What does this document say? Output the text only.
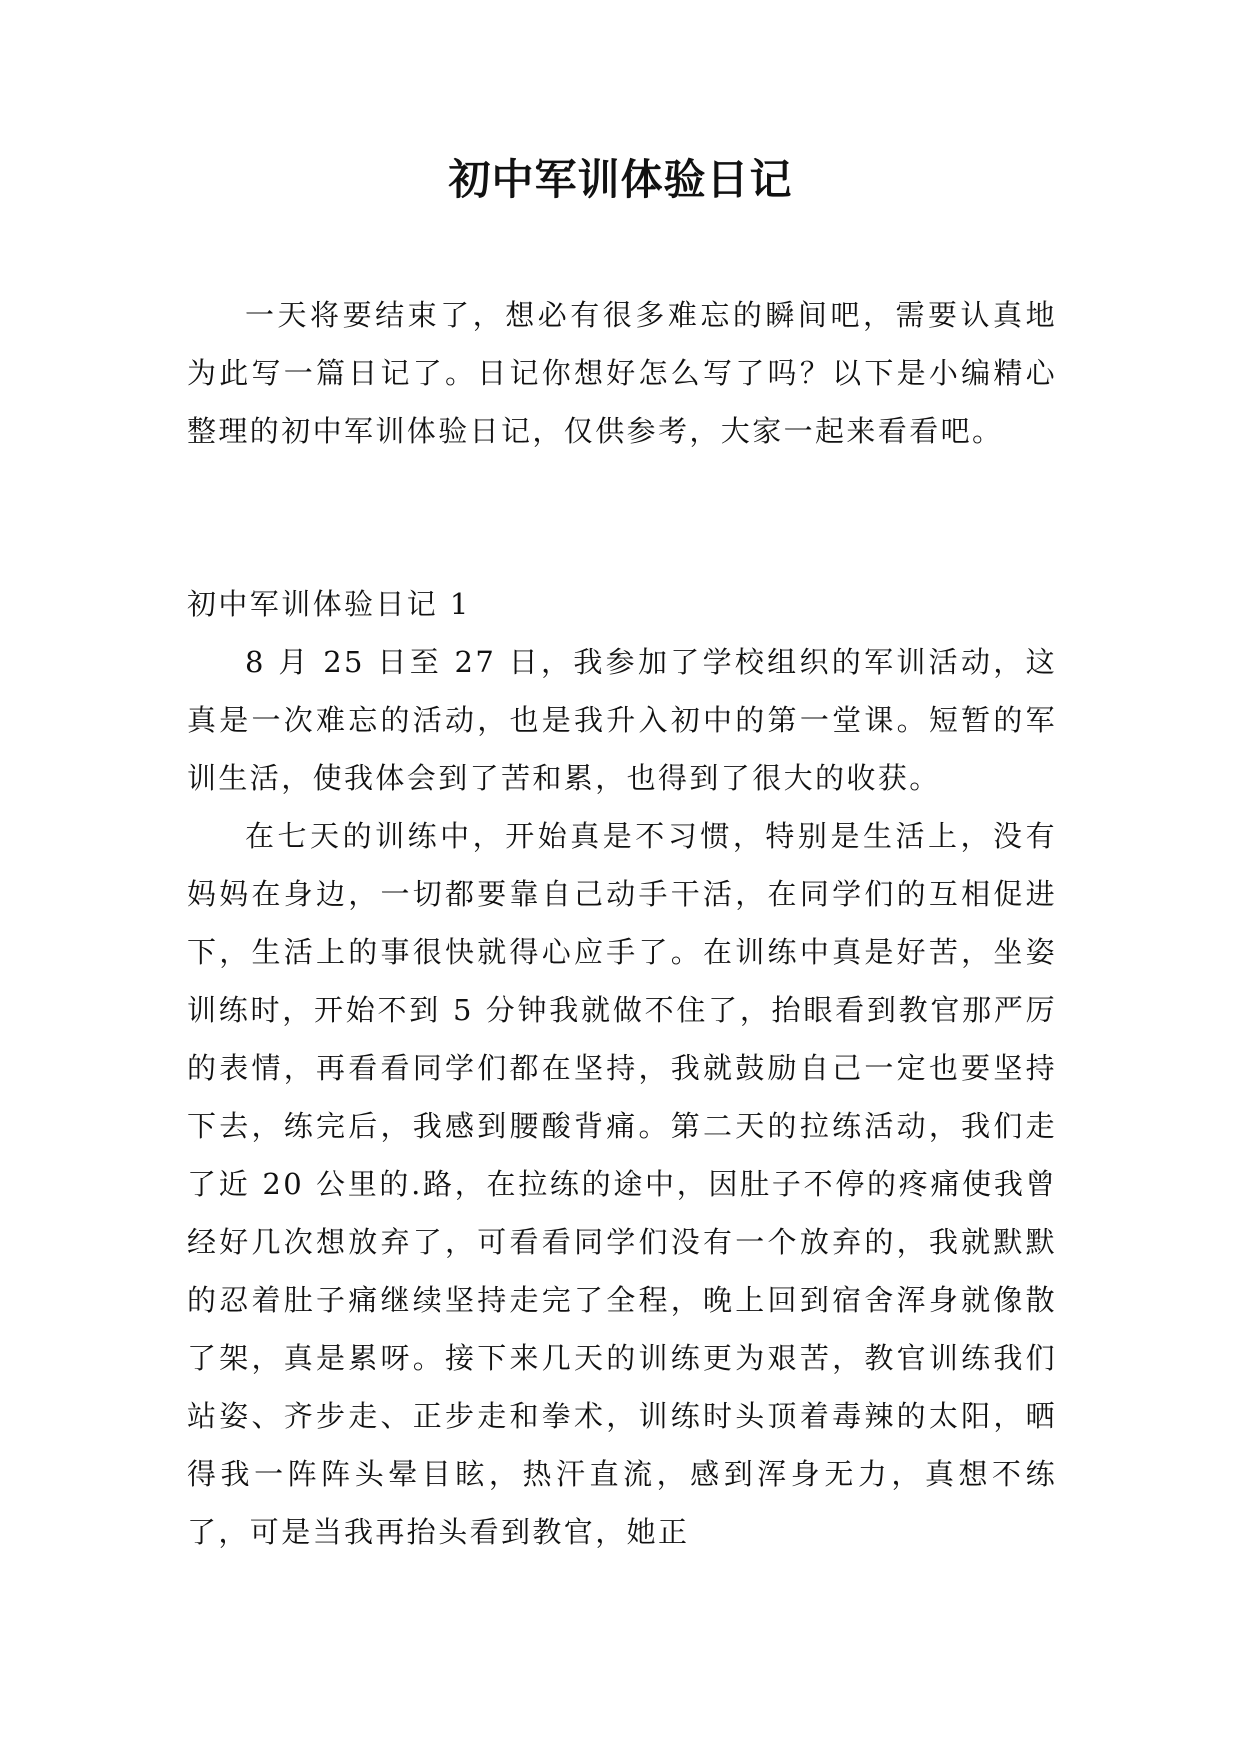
初中军训体验日记

一天将要结束了，想必有很多难忘的瞬间吧，需要认真地为此写一篇日记了。日记你想好怎么写了吗？以下是小编精心整理的初中军训体验日记，仅供参考，大家一起来看看吧。

初中军训体验日记 1

8 月 25 日至 27 日，我参加了学校组织的军训活动，这真是一次难忘的活动，也是我升入初中的第一堂课。短暂的军训生活，使我体会到了苦和累，也得到了很大的收获。

在七天的训练中，开始真是不习惯，特别是生活上，没有妈妈在身边，一切都要靠自己动手干活，在同学们的互相促进下，生活上的事很快就得心应手了。在训练中真是好苦，坐姿训练时，开始不到 5 分钟我就做不住了，抬眼看到教官那严厉的表情，再看看同学们都在坚持，我就鼓励自己一定也要坚持下去，练完后，我感到腰酸背痛。第二天的拉练活动，我们走了近 20 公里的.路，在拉练的途中，因肚子不停的疼痛使我曾经好几次想放弃了，可看看同学们没有一个放弃的，我就默默的忍着肚子痛继续坚持走完了全程，晚上回到宿舍浑身就像散了架，真是累呀。接下来几天的训练更为艰苦，教官训练我们站姿、齐步走、正步走和拳术，训练时头顶着毒辣的太阳，晒得我一阵阵头晕目眩，热汗直流，感到浑身无力，真想不练了，可是当我再抬头看到教官，她正
